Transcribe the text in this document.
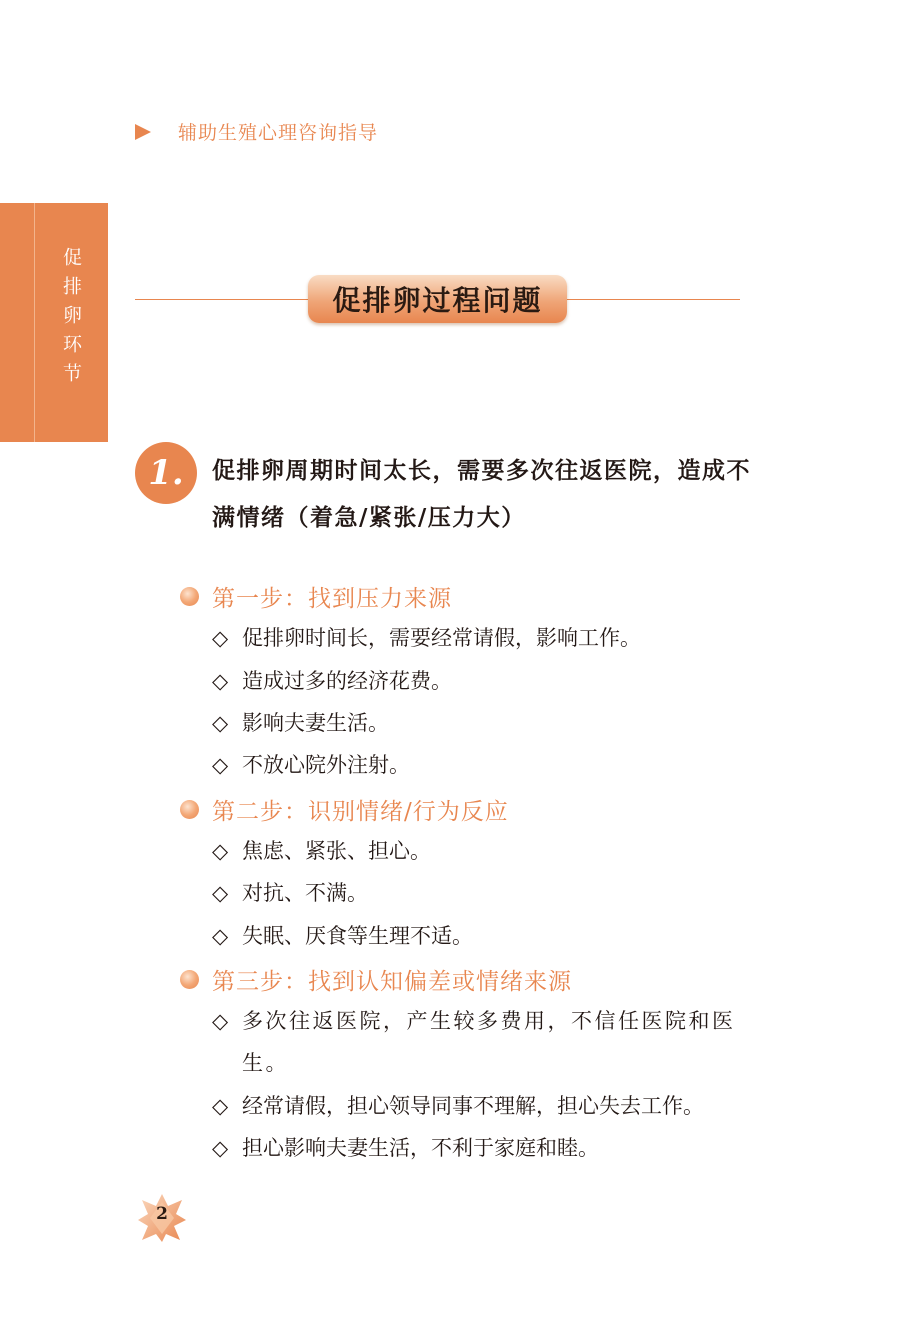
辅助生殖心理咨询指导
促排卵环节	促排卵过程问题
1. 促排卵周期时间太长，需要多次往返医院，造成不满情绪（着急/紧张/压力大）
第一步：找到压力来源
◇ 促排卵时间长，需要经常请假，影响工作。
◇ 造成过多的经济花费。
◇ 影响夫妻生活。
◇ 不放心院外注射。
第二步：识别情绪/行为反应
◇ 焦虑、紧张、担心。
◇ 对抗、不满。
◇ 失眠、厌食等生理不适。
第三步：找到认知偏差或情绪来源
◇ 多次往返医院，产生较多费用，不信任医院和医生。
◇ 经常请假，担心领导同事不理解，担心失去工作。
◇ 担心影响夫妻生活，不利于家庭和睦。
2
